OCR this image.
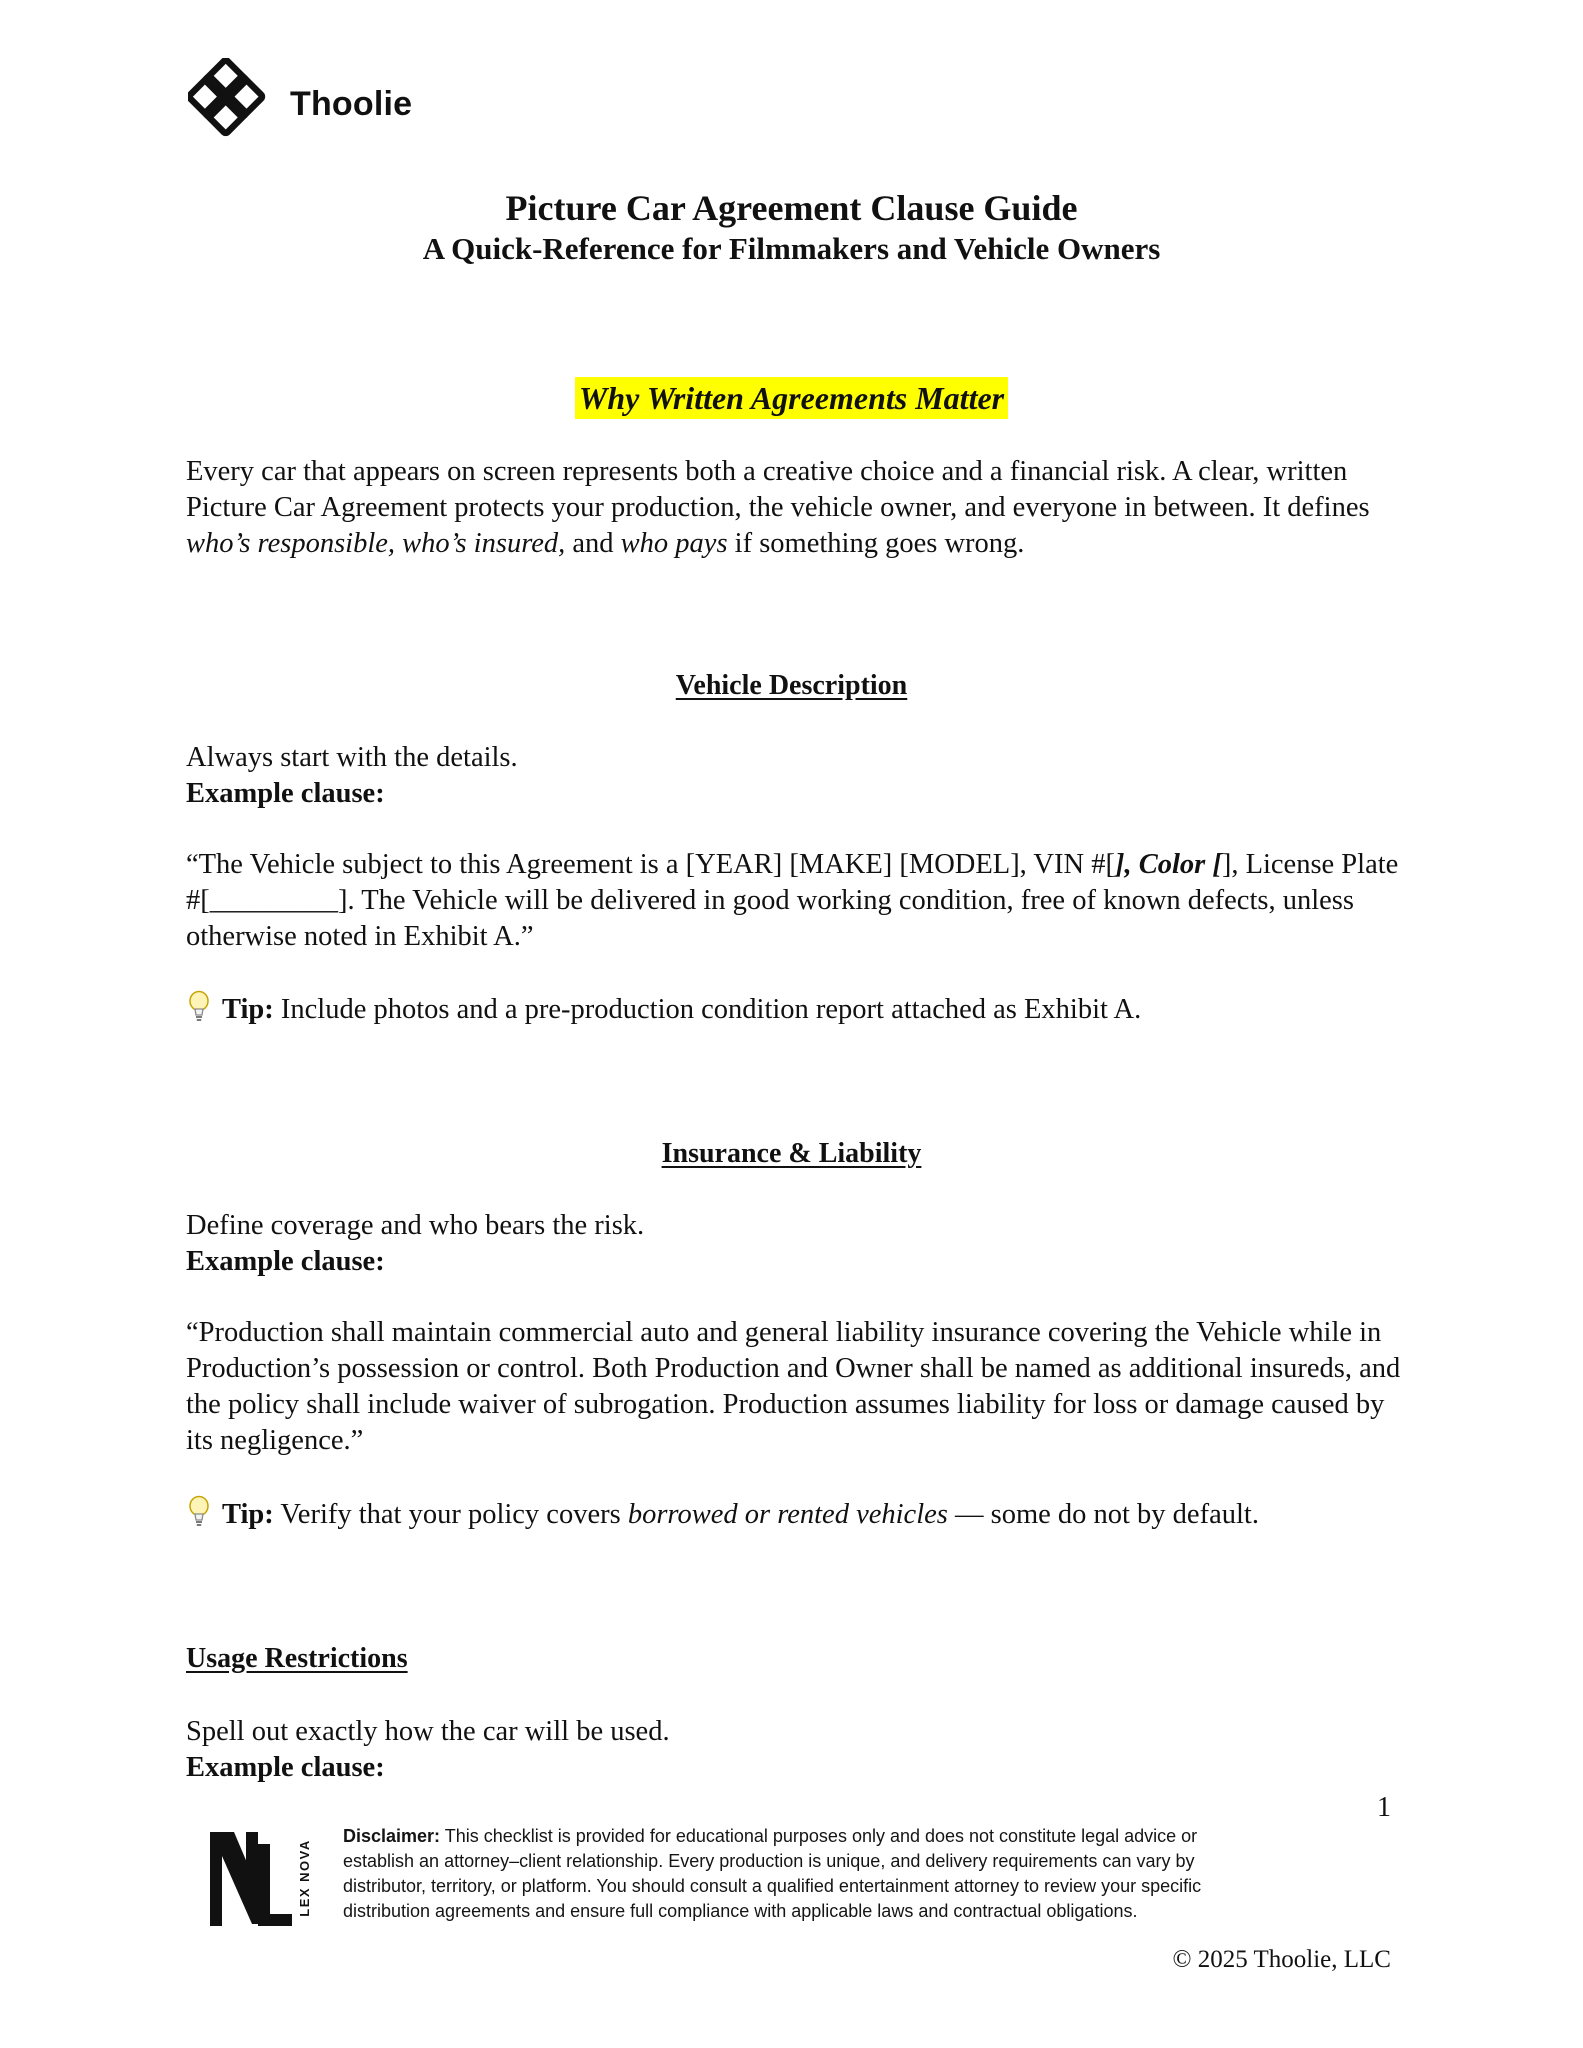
Thoolie
Picture Car Agreement Clause Guide
A Quick-Reference for Filmmakers and Vehicle Owners
Why Written Agreements Matter

Every car that appears on screen represents both a creative choice and a financial risk. A clear, written Picture Car Agreement protects your production, the vehicle owner, and everyone in between. It defines who’s responsible, who’s insured, and who pays if something goes wrong.

Vehicle Description

Always start with the details.
Example clause:

“The Vehicle subject to this Agreement is a [YEAR] [MAKE] [MODEL], VIN #[], Color [], License Plate #[_________]. The Vehicle will be delivered in good working condition, free of known defects, unless otherwise noted in Exhibit A.”

Tip: Include photos and a pre-production condition report attached as Exhibit A.

Insurance & Liability

Define coverage and who bears the risk.
Example clause:

“Production shall maintain commercial auto and general liability insurance covering the Vehicle while in Production’s possession or control. Both Production and Owner shall be named as additional insureds, and the policy shall include waiver of subrogation. Production assumes liability for loss or damage caused by its negligence.”

Tip: Verify that your policy covers borrowed or rented vehicles — some do not by default.

Usage Restrictions

Spell out exactly how the car will be used.
Example clause:

1

LEX NOVA

Disclaimer: This checklist is provided for educational purposes only and does not constitute legal advice or establish an attorney–client relationship. Every production is unique, and delivery requirements can vary by distributor, territory, or platform. You should consult a qualified entertainment attorney to review your specific distribution agreements and ensure full compliance with applicable laws and contractual obligations.

© 2025 Thoolie, LLC
